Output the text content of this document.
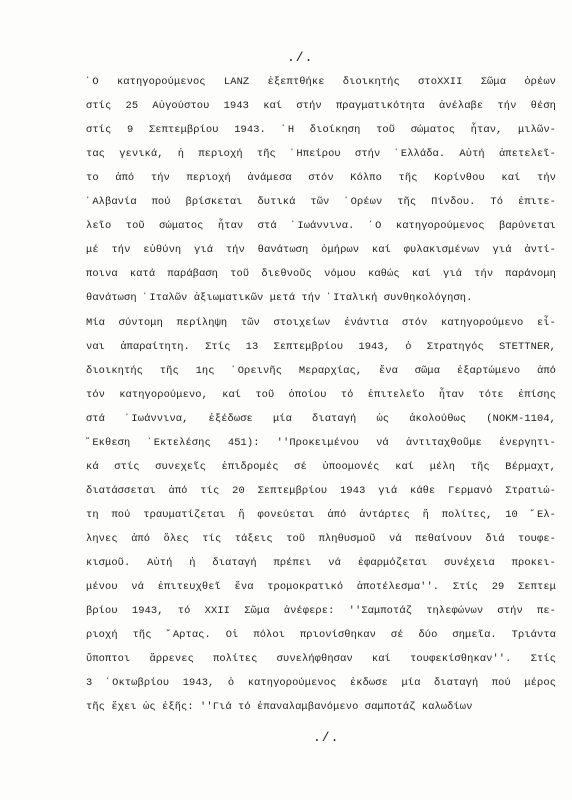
./.
῾Ο κατηγορούμενος LANZ ἐξεπτθήκε διοικητής στοXXII Σῶμα ὀρέων
στίς 25 Αὐγούστου 1943 καί στήν πραγματικότητα ἀνέλαβε τήν θέση
στίς 9 Σεπτεμβρίου 1943. ῾Η διοίκηση τοῦ σώματος ἦταν, μιλῶν-
τας γενικά, ἡ περιοχή τῆς ᾿Ηπείρου στήν ῾Ελλάδα. Αὐτή ἀπετελεῖ-
το ἀπό τήν περιοχή ἀνάμεσα στόν Κόλπο τῆς Κορίνθου καί τήν
᾿Αλβανία πού βρίσκεται δυτικά τῶν ᾿Ορέων τῆς Πίνδου. Τό ἐπιτε-
λεῖο τοῦ σώματος ἦταν στά ᾿Ιωάννινα. ῾Ο κατηγορούμενος βαρύνεται
μέ τήν εὐθύνη γιά τήν θανάτωση ὁμήρων καί φυλακισμένων γιά ἀντί-
ποινα κατά παράβαση τοῦ διεθνοῦς νόμου καθώς καί γιά τήν παράνομη
θανάτωση ᾿Ιταλῶν ἀξιωματικῶν μετά τήν ᾿Ιταλική συνθηκολόγηση.
Μία σύντομη περίληψη τῶν στοιχείων ἐνάντια στόν κατηγορούμενο εἶ-
ναι ἀπαραίτητη. Στίς 13 Σεπτεμβρίου 1943, ὁ Στρατηγός STETTNER,
διοικητής τῆς 1ης ᾿Ορεινῆς Μεραρχίας, ἕνα σῶμα ἐξαρτώμενο ἀπό
τόν κατηγορούμενο, καί τοῦ ὁποίου τό ἐπιτελεῖο ἦταν τότε ἐπίσης
στά ᾿Ιωάννινα, ἐξέδωσε μία διαταγή ὡς ἀκολούθως (NOKM-1104,
῎Εκθεση ᾿Εκτελέσης 451): ''Προκειμένου νά ἀντιταχθοῦμε ἐνεργητι-
κά στίς συνεχεῖς ἐπιδρομές σέ ὑποομονές καί μέλη τῆς Βέρμαχτ,
διατάσσεται ἀπό τίς 20 Σεπτεμβρίου 1943 γιά κάθε Γερμανό Στρατιώ-
τη πού τραυματίζεται ἤ φονεύεται ἀπό ἀντάρτες ἤ πολίτες, 10 ῞Ελ-
ληνες ἀπό ὅλες τίς τάξεις τοῦ πληθυσμοῦ νά πεθαίνουν διά τουφε-
κισμοῦ. Αὐτή ἡ διαταγή πρέπει νά ἐφαρμόζεται συνέχεια προκει-
μένου νά ἐπιτευχθεῖ ἕνα τρομοκρατικό ἀποτέλεσμα''. Στίς 29 Σεπτεμ
βρίου 1943, τό XXII Σῶμα ἀνέφερε: ''Σαμποτάζ τηλεφώνων στήν πε-
ριοχή τῆς ῎Αρτας. Οἱ πόλοι πριονίσθηκαν σέ δύο σημεῖα. Τριάντα
ὕποπτοι ἄρρενες πολίτες συνελήφθησαν καί τουφεκίσθηκαν''. Στίς
3 ᾿Οκτωβρίου 1943, ὁ κατηγορούμενος ἐκδωσε μία διαταγή πού μέρος
τῆς ἔχει ὡς ἐξῆς: ''Γιά τό ἐπαναλαμβανόμενο σαμποτάζ καλωδίων
./.
